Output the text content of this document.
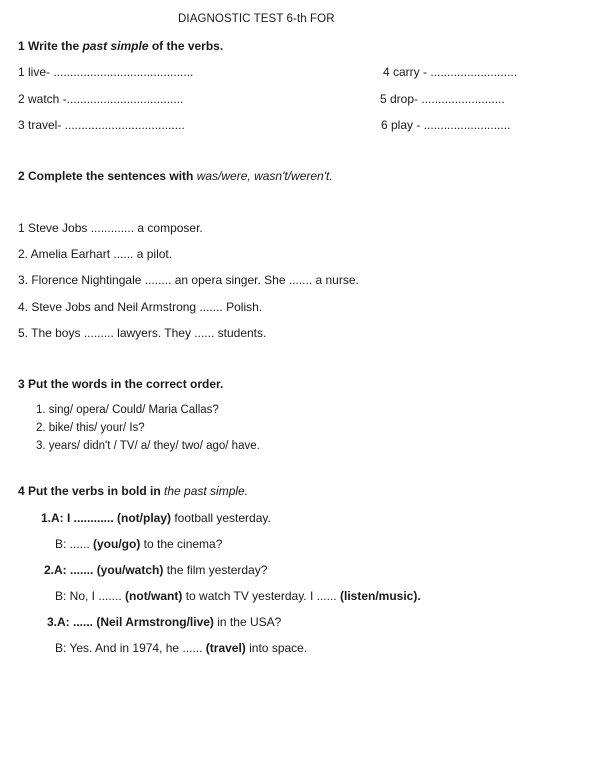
DIAGNOSTIC TEST 6-th FOR
1 Write the past simple of the verbs.
1 live- ..........................................
2 watch -...................................
3 travel- ....................................
4 carry - ..........................
5 drop- .........................
6 play - ..........................
2 Complete the sentences with was/were, wasn't/weren't.
1 Steve Jobs ............. a composer.
2. Amelia Earhart ...... a pilot.
3. Florence Nightingale ........ an opera singer. She ....... a nurse.
4. Steve Jobs and Neil Armstrong ....... Polish.
5. The boys ......... lawyers. They ...... students.
3 Put the words in the correct order.
1. sing/ opera/ Could/ Maria Callas?
2. bike/ this/ your/ Is?
3. years/ didn't / TV/ a/ they/ two/ ago/ have.
4 Put the verbs in bold in the past simple.
1.A: I ............ (not/play) football yesterday.
B: ...... (you/go) to the cinema?
2.A: ....... (you/watch) the film yesterday?
B: No, I ....... (not/want) to watch TV yesterday. I ...... (listen/music).
3.A: ...... (Neil Armstrong/live) in the USA?
B: Yes. And in 1974, he ...... (travel) into space.
